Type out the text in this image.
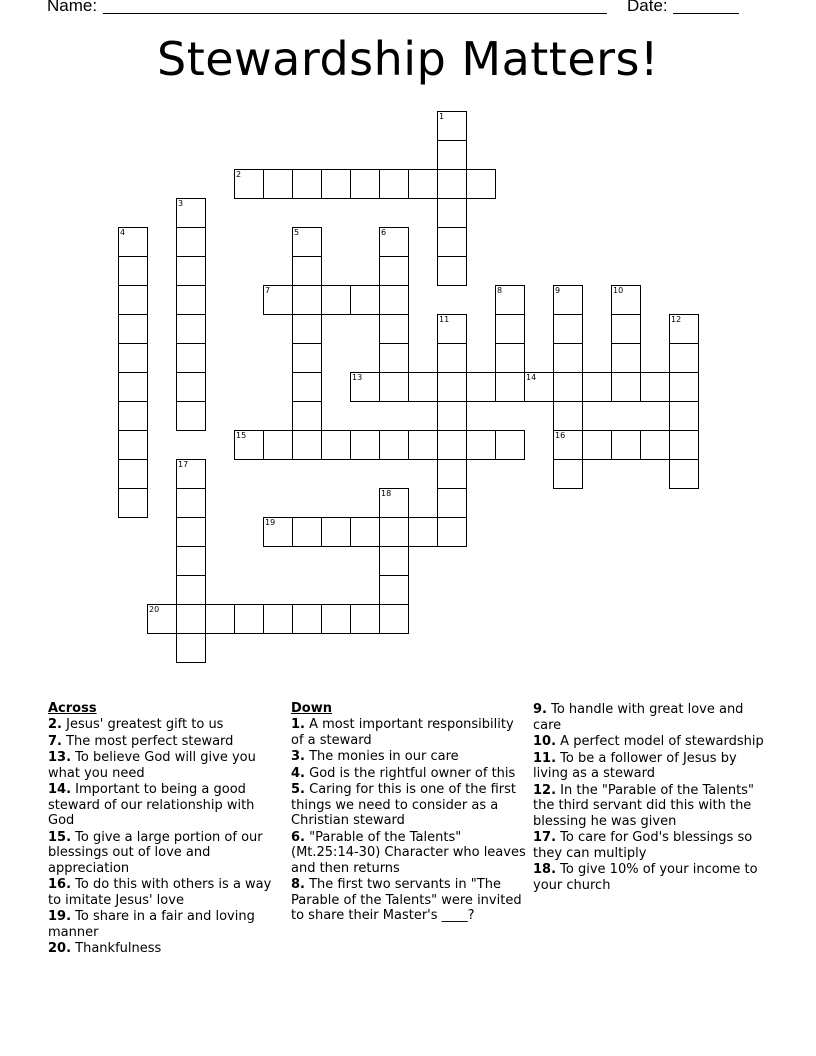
Name:	Date:
Stewardship Matters!
1
2
3
4	5	6
7	8	9	10
11	12
13	14
15	16
17
18
19
20
Across
2. Jesus' greatest gift to us
7. The most perfect steward
13. To believe God will give you what you need
14. Important to being a good steward of our relationship with God
15. To give a large portion of our blessings out of love and appreciation
16. To do this with others is a way to imitate Jesus' love
19. To share in a fair and loving manner
20. Thankfulness
Down
1. A most important responsibility of a steward
3. The monies in our care
4. God is the rightful owner of this
5. Caring for this is one of the first things we need to consider as a Christian steward
6. "Parable of the Talents"(Mt.25:14-30) Character who leaves and then returns
8. The first two servants in "The Parable of the Talents" were invited to share their Master's ____?
9. To handle with great love and care
10. A perfect model of stewardship
11. To be a follower of Jesus by living as a steward
12. In the "Parable of the Talents" the third servant did this with the blessing he was given
17. To care for God's blessings so they can multiply
18. To give 10% of your income to your church
